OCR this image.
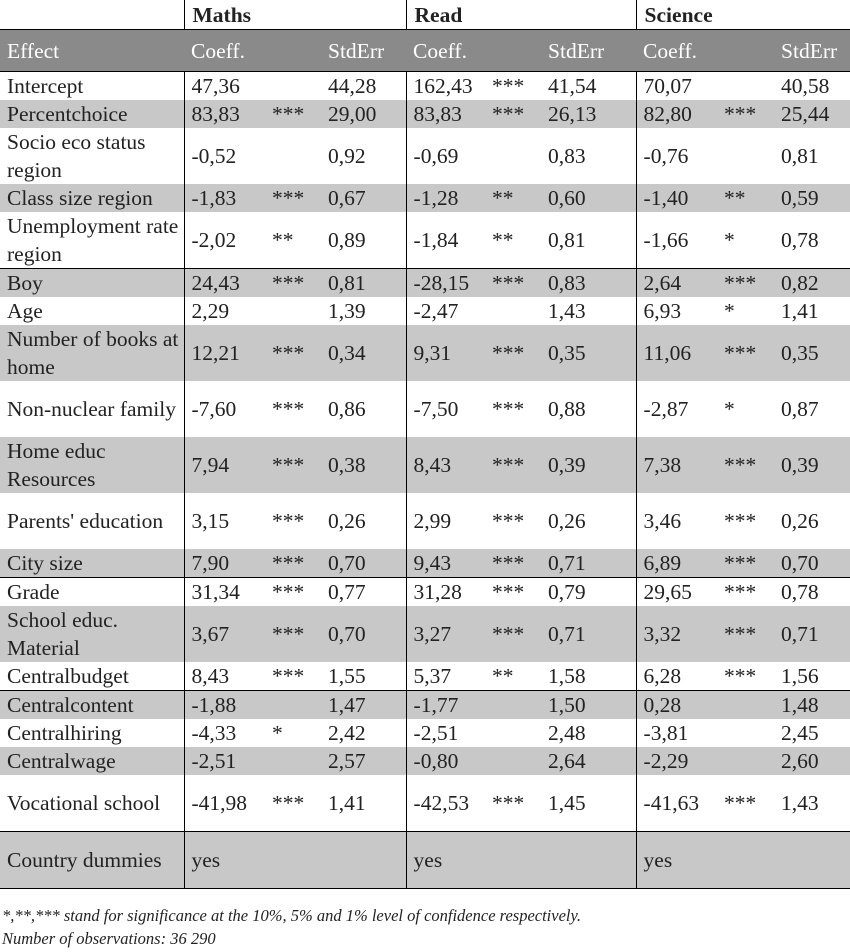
	Maths			Read			Science		
Effect	Coeff.		StdErr	Coeff.		StdErr	Coeff.		StdErr
Intercept	47,36		44,28	162,43	***	41,54	70,07		40,58
Percentchoice	83,83	***	29,00	83,83	***	26,13	82,80	***	25,44
Socio eco status region	-0,52		0,92	-0,69		0,83	-0,76		0,81
Class size region	-1,83	***	0,67	-1,28	**	0,60	-1,40	**	0,59
Unemployment rate region	-2,02	**	0,89	-1,84	**	0,81	-1,66	*	0,78
Boy	24,43	***	0,81	-28,15	***	0,83	2,64	***	0,82
Age	2,29		1,39	-2,47		1,43	6,93	*	1,41
Number of books at home	12,21	***	0,34	9,31	***	0,35	11,06	***	0,35
Non-nuclear family	-7,60	***	0,86	-7,50	***	0,88	-2,87	*	0,87
Home educ Resources	7,94	***	0,38	8,43	***	0,39	7,38	***	0,39
Parents' education	3,15	***	0,26	2,99	***	0,26	3,46	***	0,26
City size	7,90	***	0,70	9,43	***	0,71	6,89	***	0,70
Grade	31,34	***	0,77	31,28	***	0,79	29,65	***	0,78
School educ. Material	3,67	***	0,70	3,27	***	0,71	3,32	***	0,71
Centralbudget	8,43	***	1,55	5,37	**	1,58	6,28	***	1,56
Centralcontent	-1,88		1,47	-1,77		1,50	0,28		1,48
Centralhiring	-4,33	*	2,42	-2,51		2,48	-3,81		2,45
Centralwage	-2,51		2,57	-0,80		2,64	-2,29		2,60
Vocational school	-41,98	***	1,41	-42,53	***	1,45	-41,63	***	1,43
Country dummies	yes			yes			yes		
*,**,*** stand for significance at the 10%, 5% and 1% level of confidence respectively.
Number of observations: 36 290
